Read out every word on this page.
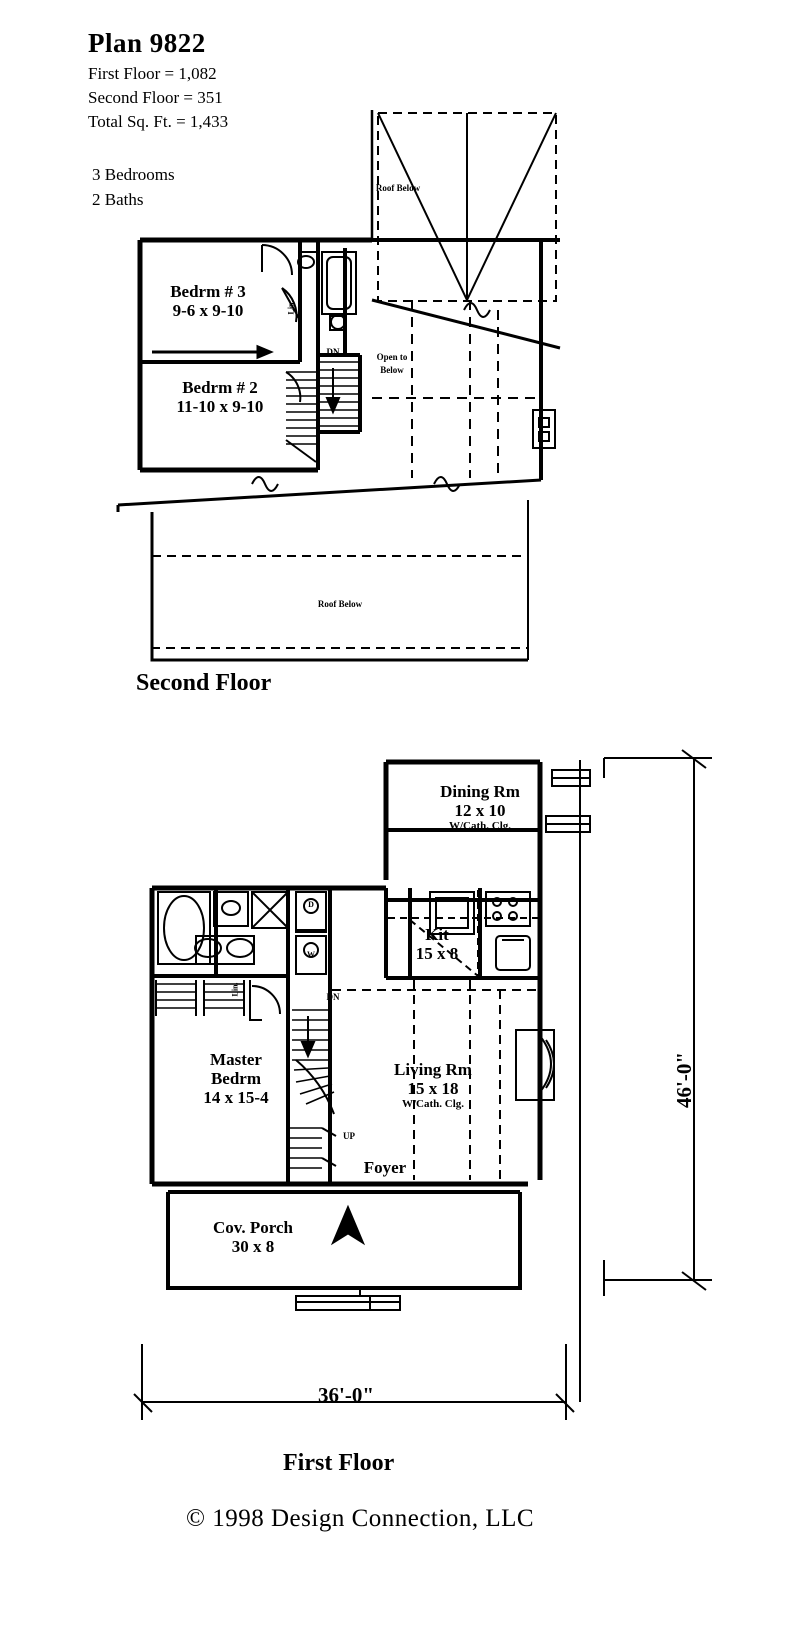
Plan 9822
First Floor = 1,082
Second Floor = 351
Total Sq. Ft. = 1,433
3 Bedrooms
2 Baths
Bedrm # 3
9-6 x 9-10
Bedrm # 2
11-10 x 9-10
Roof Below
Roof Below
Open to
Below
DN
Lin.
Second Floor
Dining Rm
12 x 10
W/Cath. Clg.
Kit
15 x 8
Master
Bedrm
14 x 15-4
Living Rm
15 x 18
W/Cath. Clg.
Foyer
Cov. Porch
30 x 8
DN
UP
Lin.
W
D
36'-0"
46'-0"
First Floor
© 1998 Design Connection, LLC
